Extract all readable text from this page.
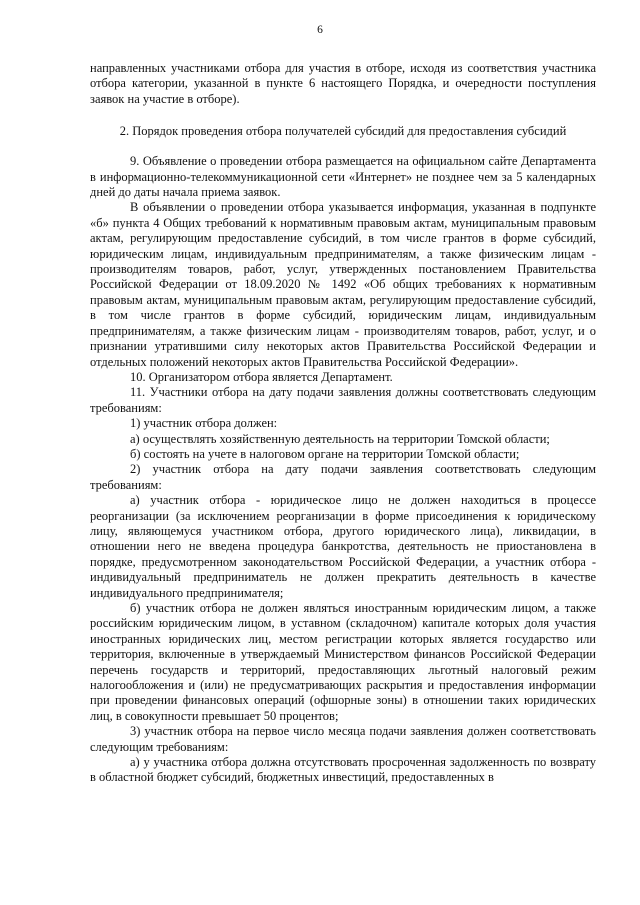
6

направленных участниками отбора для участия в отборе, исходя из соответствия участника отбора категории, указанной в пункте 6 настоящего Порядка, и очередности поступления заявок на участие в отборе).

2. Порядок проведения отбора получателей субсидий для предоставления субсидий

9. Объявление о проведении отбора размещается на официальном сайте Департамента в информационно-телекоммуникационной сети «Интернет» не позднее чем за 5 календарных дней до даты начала приема заявок.

В объявлении о проведении отбора указывается информация, указанная в подпункте «б» пункта 4 Общих требований к нормативным правовым актам, муниципальным правовым актам, регулирующим предоставление субсидий, в том числе грантов в форме субсидий, юридическим лицам, индивидуальным предпринимателям, а также физическим лицам - производителям товаров, работ, услуг, утвержденных постановлением Правительства Российской Федерации от 18.09.2020 № 1492 «Об общих требованиях к нормативным правовым актам, муниципальным правовым актам, регулирующим предоставление субсидий, в том числе грантов в форме субсидий, юридическим лицам, индивидуальным предпринимателям, а также физическим лицам - производителям товаров, работ, услуг, и о признании утратившими силу некоторых актов Правительства Российской Федерации и отдельных положений некоторых актов Правительства Российской Федерации».

10. Организатором отбора является Департамент.

11. Участники отбора на дату подачи заявления должны соответствовать следующим требованиям:

1) участник отбора должен:

а) осуществлять хозяйственную деятельность на территории Томской области;

б) состоять на учете в налоговом органе на территории Томской области;

2) участник отбора на дату подачи заявления соответствовать следующим требованиям:

а) участник отбора - юридическое лицо не должен находиться в процессе реорганизации (за исключением реорганизации в форме присоединения к юридическому лицу, являющемуся участником отбора, другого юридического лица), ликвидации, в отношении него не введена процедура банкротства, деятельность не приостановлена в порядке, предусмотренном законодательством Российской Федерации, а участник отбора - индивидуальный предприниматель не должен прекратить деятельность в качестве индивидуального предпринимателя;

б) участник отбора не должен являться иностранным юридическим лицом, а также российским юридическим лицом, в уставном (складочном) капитале которых доля участия иностранных юридических лиц, местом регистрации которых является государство или территория, включенные в утверждаемый Министерством финансов Российской Федерации перечень государств и территорий, предоставляющих льготный налоговый режим налогообложения и (или) не предусматривающих раскрытия и предоставления информации при проведении финансовых операций (офшорные зоны) в отношении таких юридических лиц, в совокупности превышает 50 процентов;

3) участник отбора на первое число месяца подачи заявления должен соответствовать следующим требованиям:

а) у участника отбора должна отсутствовать просроченная задолженность по возврату в областной бюджет субсидий, бюджетных инвестиций, предоставленных в
